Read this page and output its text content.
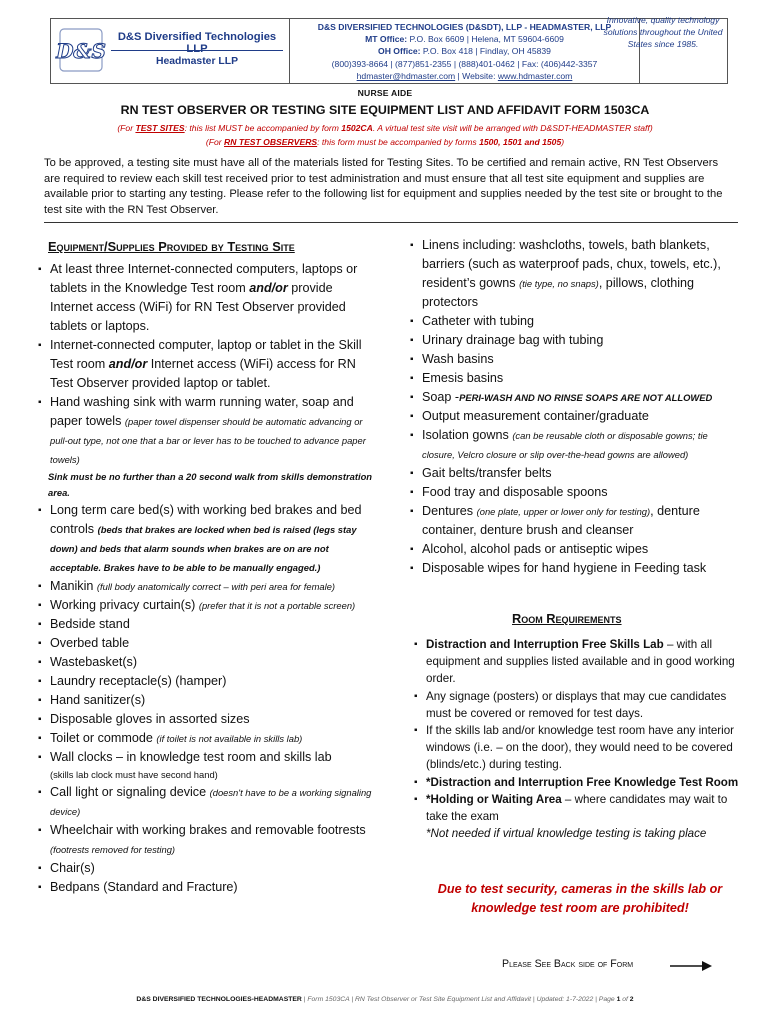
D&S
D&S Diversified Technologies LLP
Headmaster LLP
D&S DIVERSIFIED TECHNOLOGIES (D&SDT), LLP - HEADMASTER, LLP
MT Office: P.O. Box 6609 | Helena, MT 59604-6609
OH Office: P.O. Box 418 | Findlay, OH 45839
(800)393-8664 | (877)851-2355 | (888)401-0462 | Fax: (406)442-3357
hdmaster@hdmaster.com | Website: www.hdmaster.com
Innovative, quality technology solutions throughout the United States since 1985.
NURSE AIDE
RN TEST OBSERVER OR TESTING SITE EQUIPMENT LIST AND AFFIDAVIT FORM 1503CA
(For TEST SITES: this list MUST be accompanied by form 1502CA. A virtual test site visit will be arranged with D&SDT-HEADMASTER staff)
(For RN TEST OBSERVERS: this form must be accompanied by forms 1500, 1501 and 1505)
To be approved, a testing site must have all of the materials listed for Testing Sites. To be certified and remain active, RN Test Observers are required to review each skill test received prior to test administration and must ensure that all test site equipment and supplies are available prior to starting any testing. Please refer to the following list for equipment and supplies needed by the test site or brought to the test site with the RN Test Observer.
Equipment/Supplies Provided by Testing Site
▪ At least three Internet-connected computers, laptops or tablets in the Knowledge Test room and/or provide Internet access (WiFi) for RN Test Observer provided tablets or laptops.
▪ Internet-connected computer, laptop or tablet in the Skill Test room and/or Internet access (WiFi) access for RN Test Observer provided laptop or tablet.
▪ Hand washing sink with warm running water, soap and paper towels (paper towel dispenser should be automatic advancing or pull-out type, not one that a bar or lever has to be touched to advance paper towels)
Sink must be no further than a 20 second walk from skills demonstration area.
▪ Long term care bed(s) with working bed brakes and bed controls (beds that brakes are locked when bed is raised (legs stay down) and beds that alarm sounds when brakes are on are not acceptable. Brakes have to be able to be manually engaged.)
▪ Manikin (full body anatomically correct – with peri area for female)
▪ Working privacy curtain(s) (prefer that it is not a portable screen)
▪ Bedside stand
▪ Overbed table
▪ Wastebasket(s)
▪ Laundry receptacle(s) (hamper)
▪ Hand sanitizer(s)
▪ Disposable gloves in assorted sizes
▪ Toilet or commode (if toilet is not available in skills lab)
▪ Wall clocks – in knowledge test room and skills lab
(skills lab clock must have second hand)
▪ Call light or signaling device (doesn't have to be a working signaling device)
▪ Wheelchair with working brakes and removable footrests (footrests removed for testing)
▪ Chair(s)
▪ Bedpans (Standard and Fracture)
▪ Linens including: washcloths, towels, bath blankets, barriers (such as waterproof pads, chux, towels, etc.), resident’s gowns (tie type, no snaps), pillows, clothing protectors
▪ Catheter with tubing
▪ Urinary drainage bag with tubing
▪ Wash basins
▪ Emesis basins
▪ Soap -PERI-WASH AND NO RINSE SOAPS ARE NOT ALLOWED
▪ Output measurement container/graduate
▪ Isolation gowns (can be reusable cloth or disposable gowns; tie closure, Velcro closure or slip over-the-head gowns are allowed)
▪ Gait belts/transfer belts
▪ Food tray and disposable spoons
▪ Dentures (one plate, upper or lower only for testing), denture container, denture brush and cleanser
▪ Alcohol, alcohol pads or antiseptic wipes
▪ Disposable wipes for hand hygiene in Feeding task
Room Requirements
▪ Distraction and Interruption Free Skills Lab – with all equipment and supplies listed available and in good working order.
▪ Any signage (posters) or displays that may cue candidates must be covered or removed for test days.
▪ If the skills lab and/or knowledge test room have any interior windows (i.e. – on the door), they would need to be covered (blinds/etc.) during testing.
▪ *Distraction and Interruption Free Knowledge Test Room
▪ *Holding or Waiting Area – where candidates may wait to take the exam
*Not needed if virtual knowledge testing is taking place
Due to test security, cameras in the skills lab or knowledge test room are prohibited!
Please See Back side of Form
D&S DIVERSIFIED TECHNOLOGIES-HEADMASTER | Form 1503CA | RN Test Observer or Test Site Equipment List and Affidavit | Updated: 1-7-2022 | Page 1 of 2
